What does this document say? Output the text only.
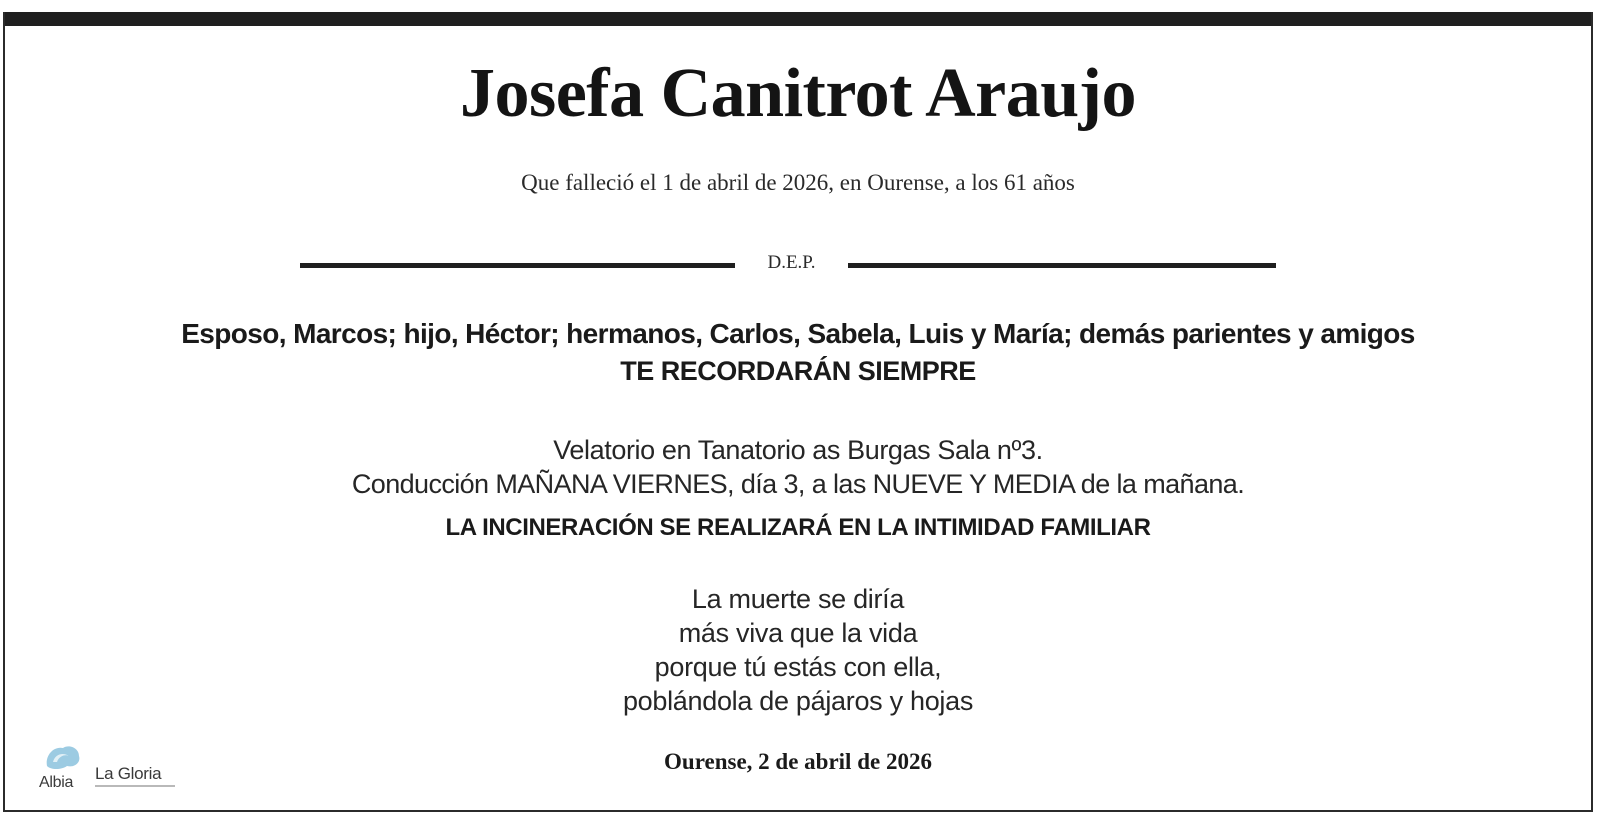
Josefa Canitrot Araujo
Que falleció el 1 de abril de 2026, en Ourense, a los 61 años
D.E.P.
Esposo, Marcos; hijo, Héctor; hermanos, Carlos, Sabela, Luis y María; demás parientes y amigos
TE RECORDARÁN SIEMPRE
Velatorio en Tanatorio as Burgas Sala nº3.
Conducción MAÑANA VIERNES, día 3, a las NUEVE Y MEDIA de la mañana.
LA INCINERACIÓN SE REALIZARÁ EN LA INTIMIDAD FAMILIAR
La muerte se diría
más viva que la vida
porque tú estás con ella,
poblándola de pájaros y hojas
Ourense, 2 de abril de 2026
Albia La Gloria
